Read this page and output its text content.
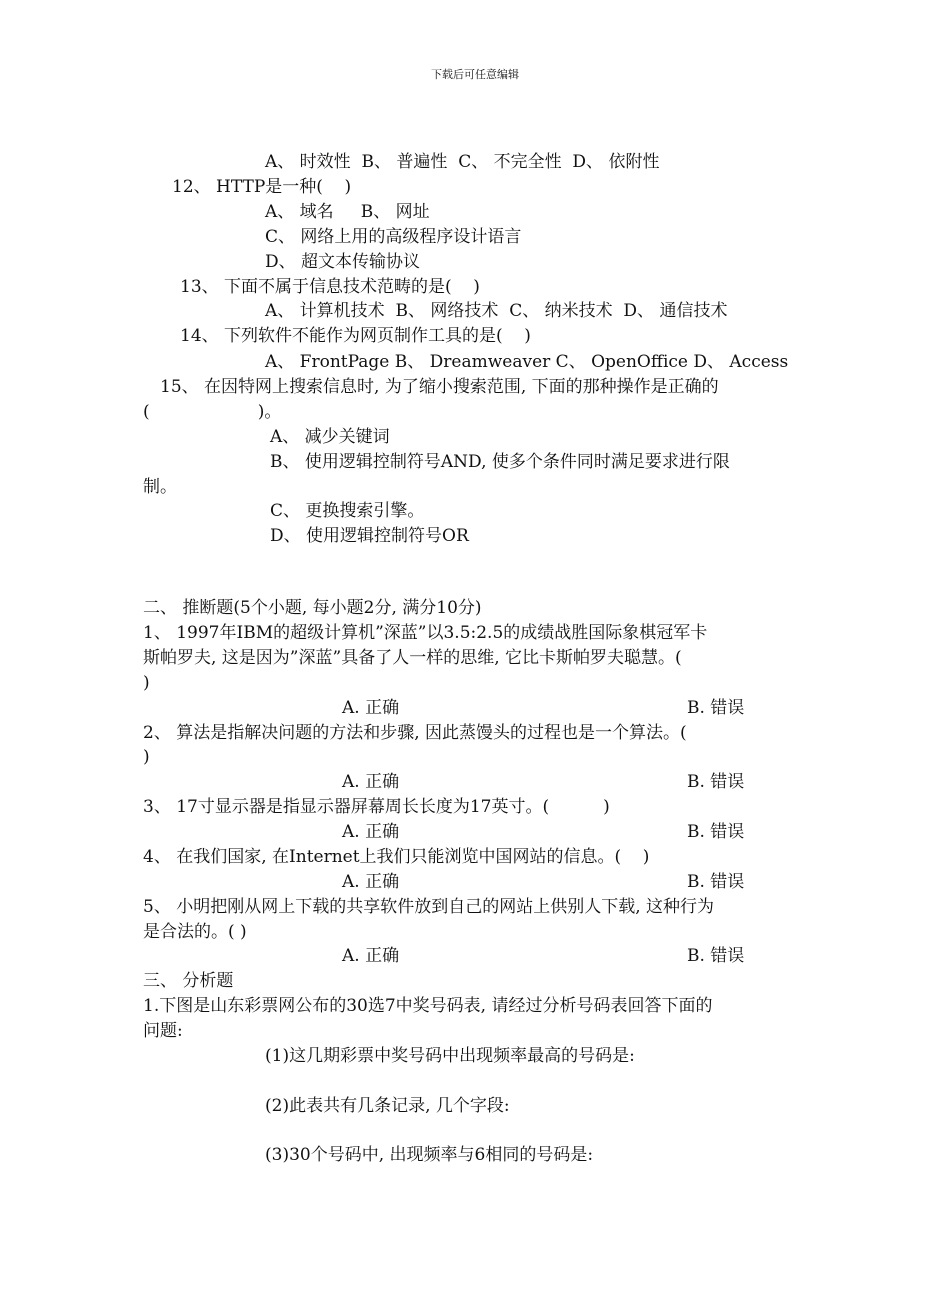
下载后可任意编辑
A、 时效性  B、 普遍性  C、 不完全性  D、 依附性
12、 HTTP是一种(    )
A、 域名     B、 网址
C、 网络上用的高级程序设计语言
D、 超文本传输协议
13、 下面不属于信息技术范畴的是(    )
A、 计算机技术  B、 网络技术  C、 纳米技术  D、 通信技术
14、 下列软件不能作为网页制作工具的是(    )
A、 FrontPage B、 Dreamweaver C、 OpenOffice D、 Access
15、 在因特网上搜索信息时, 为了缩小搜索范围, 下面的那种操作是正确的
(                    )。
A、 减少关键词
B、 使用逻辑控制符号AND, 使多个条件同时满足要求进行限
制。
C、 更换搜索引擎。
D、 使用逻辑控制符号OR
二、 推断题(5个小题, 每小题2分, 满分10分)
1、 1997年IBM的超级计算机”深蓝”以3.5:2.5的成绩战胜国际象棋冠军卡
斯帕罗夫, 这是因为”深蓝”具备了人一样的思维, 它比卡斯帕罗夫聪慧。(
)
A. 正确	B. 错误
2、 算法是指解决问题的方法和步骤, 因此蒸馒头的过程也是一个算法。(
)
A. 正确	B. 错误
3、 17寸显示器是指显示器屏幕周长长度为17英寸。(          )
A. 正确	B. 错误
4、 在我们国家, 在Internet上我们只能浏览中国网站的信息。(    )
A. 正确	B. 错误
5、 小明把刚从网上下载的共享软件放到自己的网站上供别人下载, 这种行为
是合法的。( )
A. 正确	B. 错误
三、 分析题
1.下图是山东彩票网公布的30选7中奖号码表, 请经过分析号码表回答下面的
问题:
(1)这几期彩票中奖号码中出现频率最高的号码是:
(2)此表共有几条记录, 几个字段:
(3)30个号码中, 出现频率与6相同的号码是:
